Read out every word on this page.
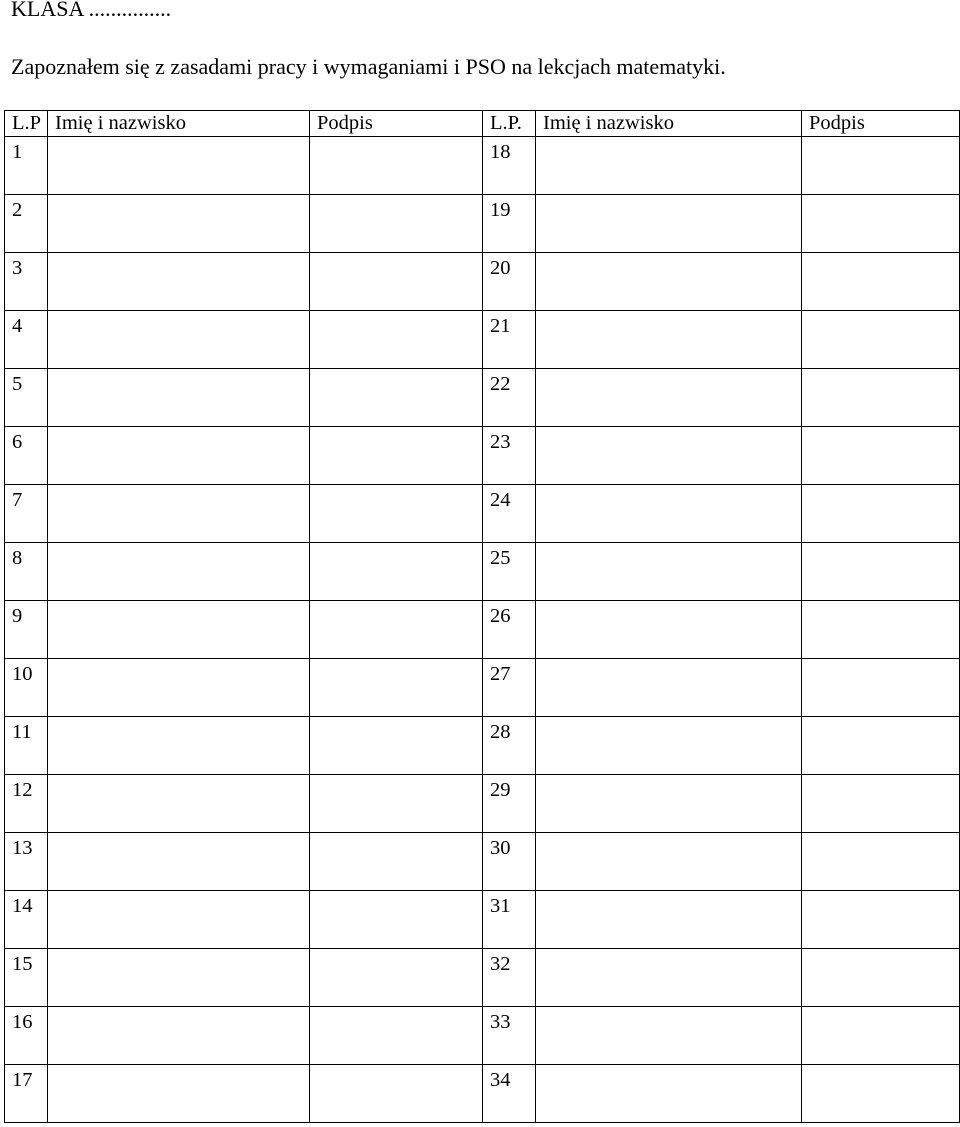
KLASA ...............
Zapoznałem się z zasadami pracy i wymaganiami i PSO na lekcjach matematyki.
L.P	Imię i nazwisko	Podpis	L.P.	Imię i nazwisko	Podpis
1			18		
2			19		
3			20		
4			21		
5			22		
6			23		
7			24		
8			25		
9			26		
10			27		
11			28		
12			29		
13			30		
14			31		
15			32		
16			33		
17			34		
